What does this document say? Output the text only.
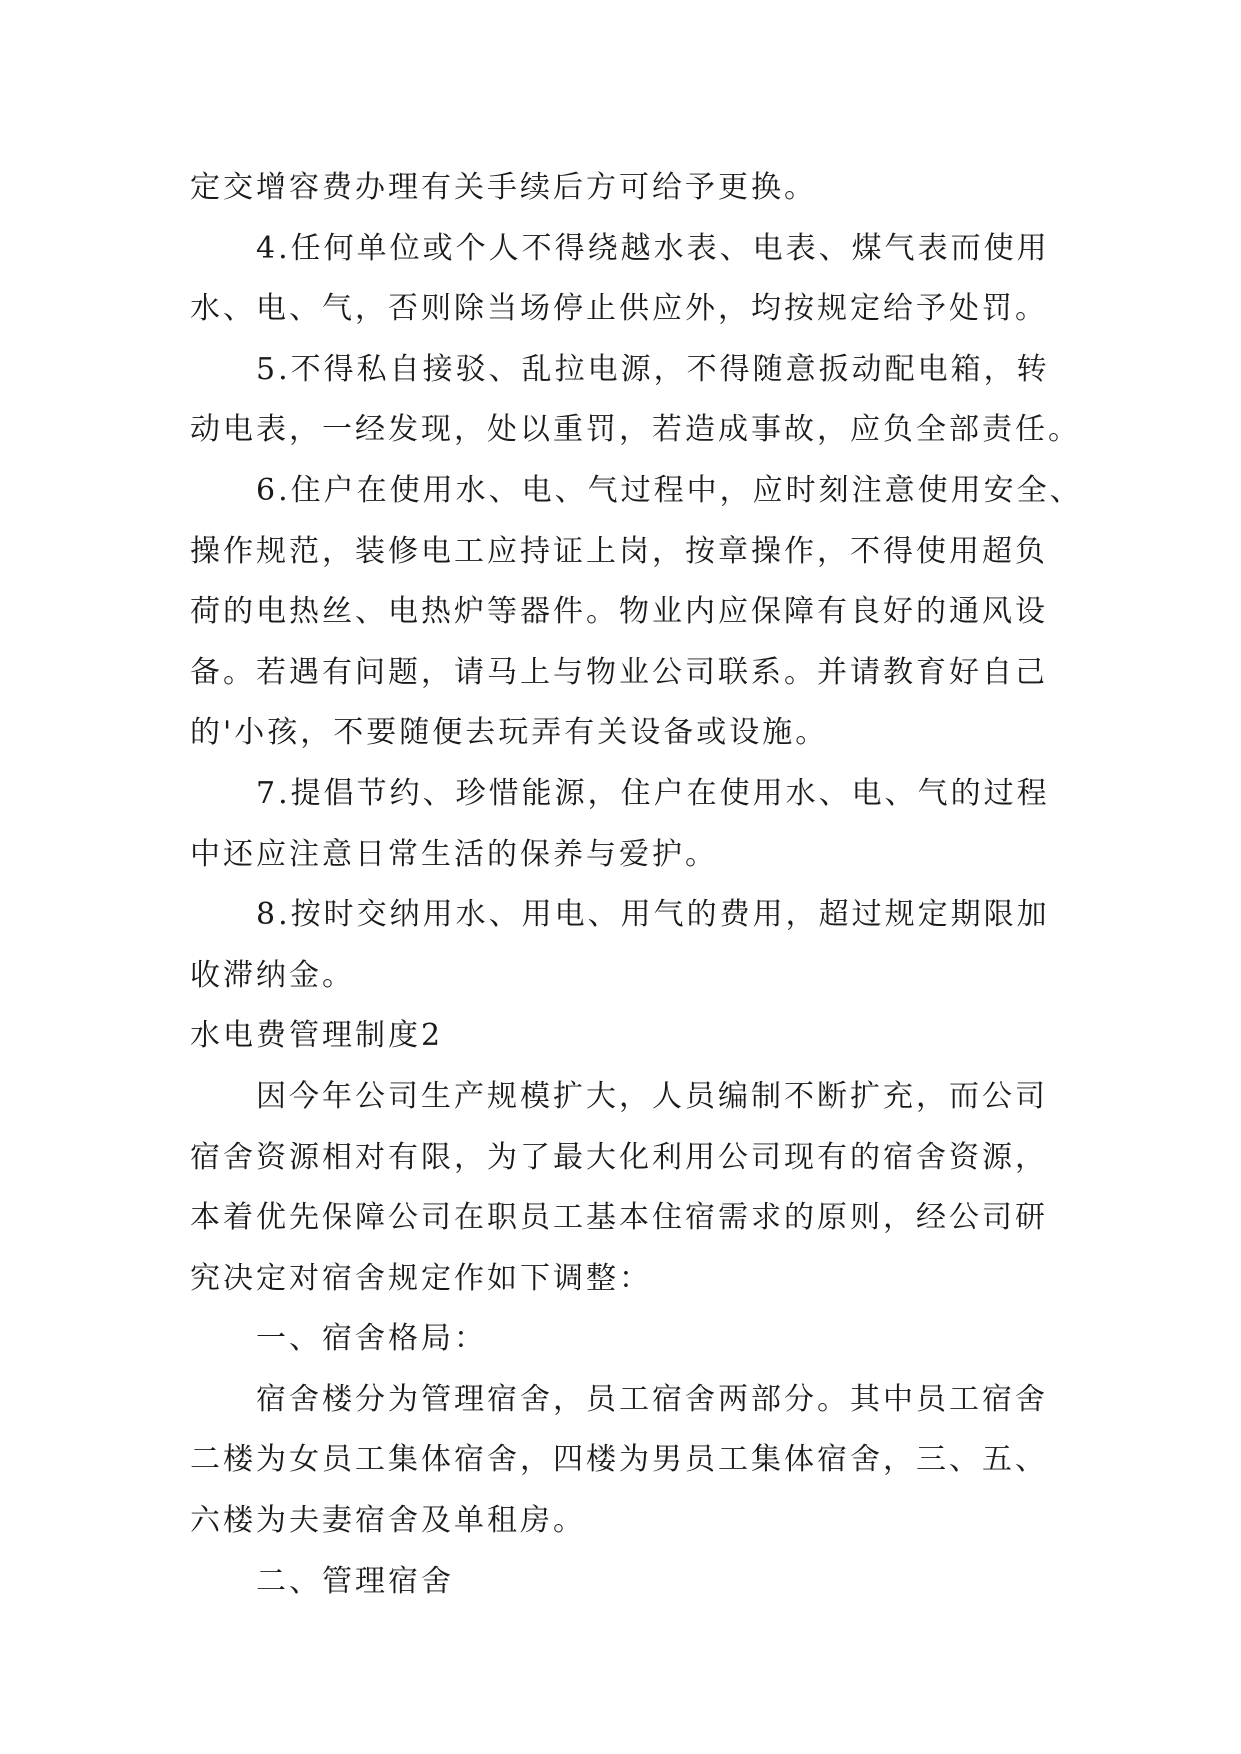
定交增容费办理有关手续后方可给予更换。
4.任何单位或个人不得绕越水表、电表、煤气表而使用
水、电、气，否则除当场停止供应外，均按规定给予处罚。
5.不得私自接驳、乱拉电源，不得随意扳动配电箱，转
动电表，一经发现，处以重罚，若造成事故，应负全部责任。
6.住户在使用水、电、气过程中，应时刻注意使用安全、
操作规范，装修电工应持证上岗，按章操作，不得使用超负
荷的电热丝、电热炉等器件。物业内应保障有良好的通风设
备。若遇有问题，请马上与物业公司联系。并请教育好自己
的'小孩，不要随便去玩弄有关设备或设施。
7.提倡节约、珍惜能源，住户在使用水、电、气的过程
中还应注意日常生活的保养与爱护。
8.按时交纳用水、用电、用气的费用，超过规定期限加
收滞纳金。
水电费管理制度2
因今年公司生产规模扩大，人员编制不断扩充，而公司
宿舍资源相对有限，为了最大化利用公司现有的宿舍资源，
本着优先保障公司在职员工基本住宿需求的原则，经公司研
究决定对宿舍规定作如下调整：
一、宿舍格局：
宿舍楼分为管理宿舍，员工宿舍两部分。其中员工宿舍
二楼为女员工集体宿舍，四楼为男员工集体宿舍，三、五、
六楼为夫妻宿舍及单租房。
二、管理宿舍
